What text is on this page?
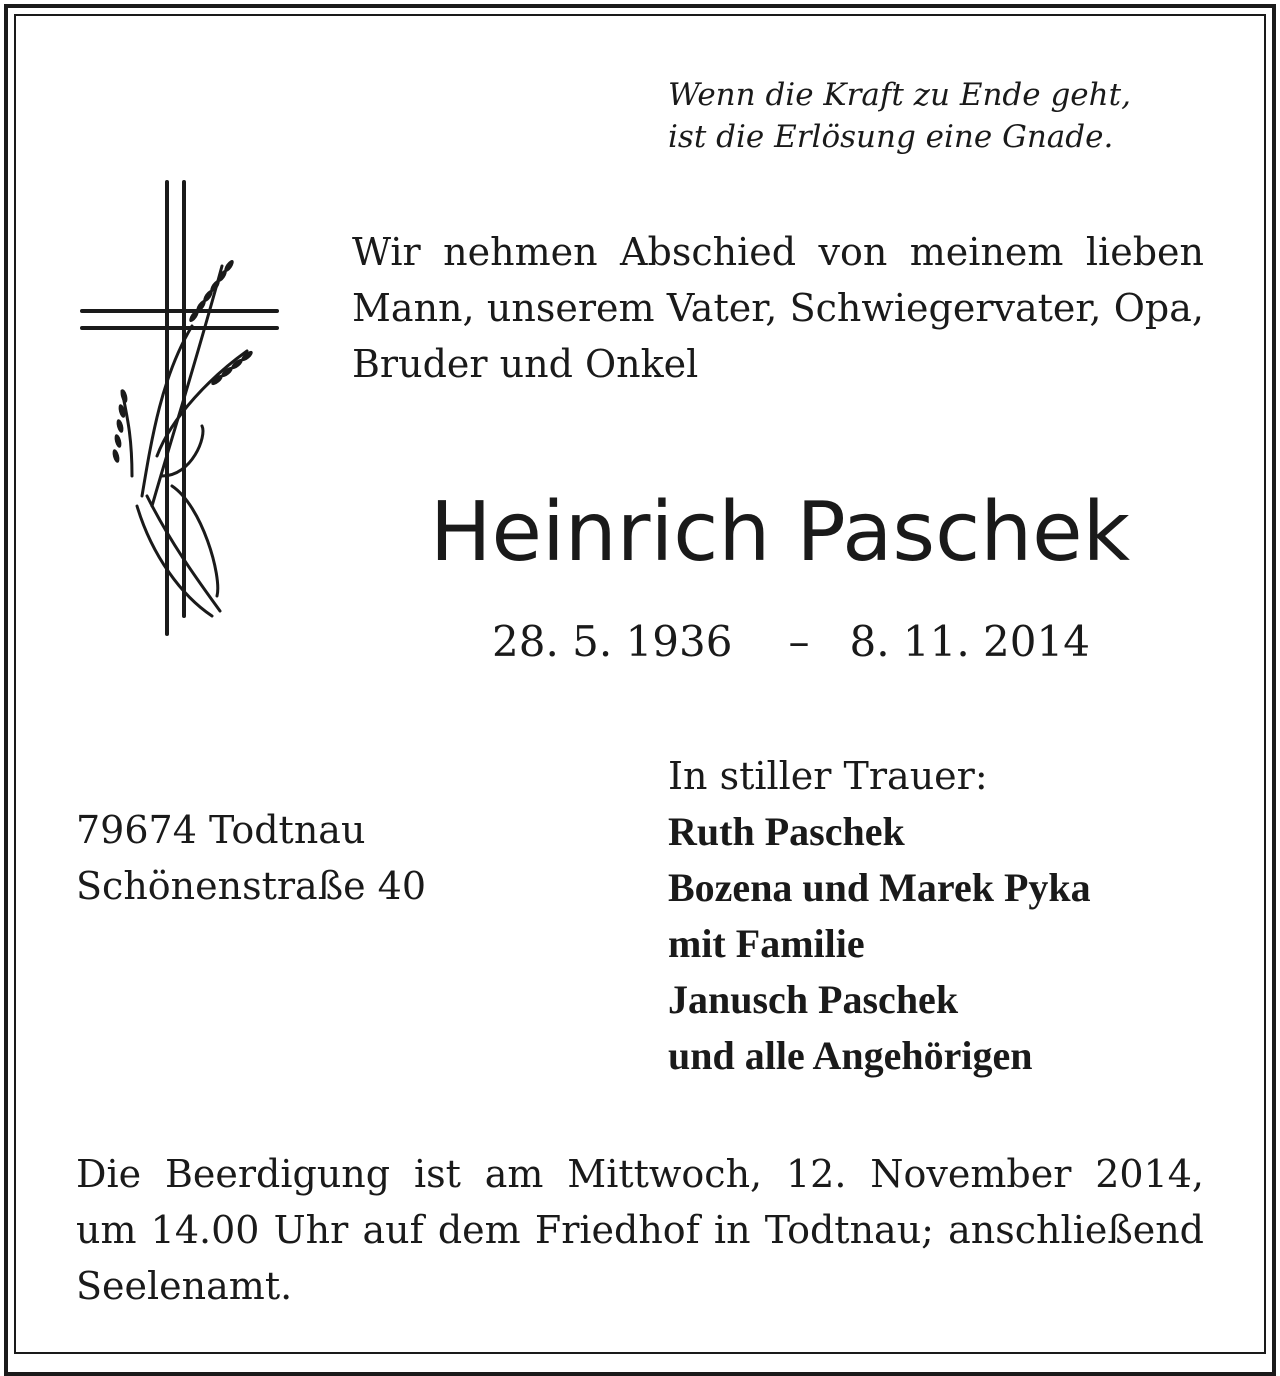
Wenn die Kraft zu Ende geht,
ist die Erlösung eine Gnade.
Wir nehmen Abschied von meinem lieben
Mann, unserem Vater, Schwiegervater, Opa,
Bruder und Onkel
Heinrich Paschek
28. 5. 1936 – 8. 11. 2014
79674 Todtnau
Schönenstraße 40
In stiller Trauer:
Ruth Paschek
Bozena und Marek Pyka
mit Familie
Janusch Paschek
und alle Angehörigen
Die Beerdigung ist am Mittwoch, 12. November 2014,
um 14.00 Uhr auf dem Friedhof in Todtnau; anschließend
Seelenamt.
